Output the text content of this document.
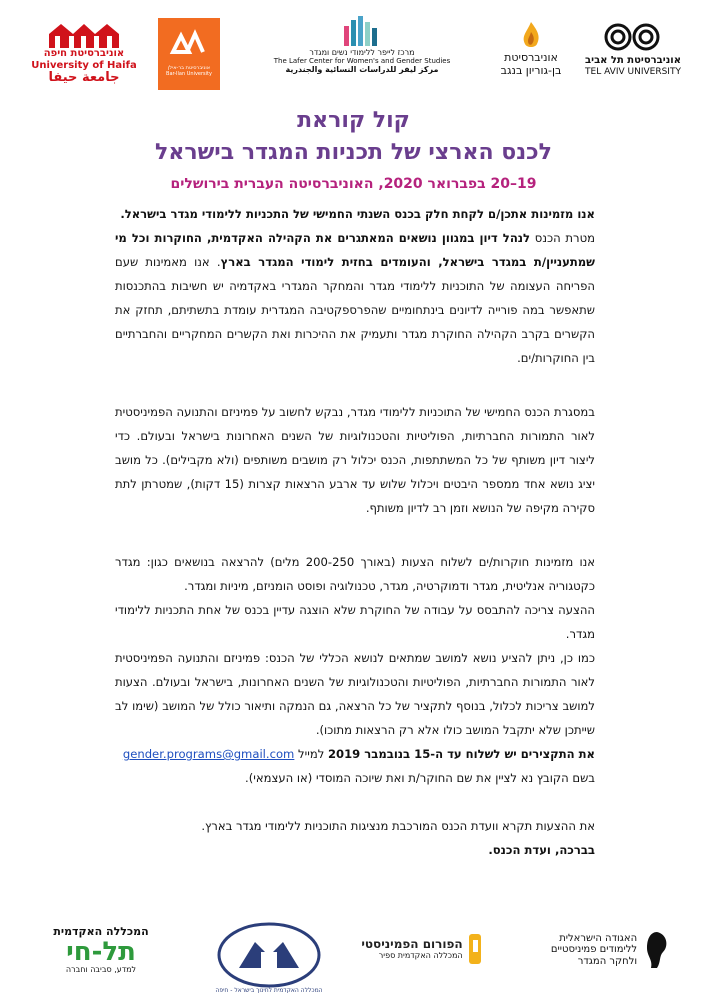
אוניברסיטת חיפה
University of Haifa
جامعة حيفا
אוניברסיטת בר-אילן
Bar-Ilan University
מרכז לייפר ללימודי נשים ומגדר
The Lafer Center for Women's and Gender Studies
مركز ليفر للدراسات النسائية والجندرية
אוניברסיטת
בן-גוריון בנגב
אוניברסיטת תל אביב
TEL AVIV UNIVERSITY
קול קוראת
לכנס הארצי של תכניות המגדר בישראל
19–20 בפברואר 2020, האוניברסיטה העברית בירושלים

אנו מזמינות אתכן/ם לקחת חלק בכנס השנתי החמישי של התכניות ללימודי מגדר בישראל.

מטרת הכנס לנהל דיון במגוון נושאים המאתגרים את הקהילה האקדמית, החוקרות וכל מי שמתעניין/ת במגדר בישראל, והעומדים בחזית לימודי המגדר בארץ. אנו מאמינות שעם הפריחה העצומה של התוכניות ללימודי מגדר והמחקר המגדרי באקדמיה יש חשיבות בהתכנסות שתאפשר במה פורייה לדיונים בינתחומיים שהפרספקטיבה המגדרית עומדת בתשתיתם, תחזק את הקשרים בקרב הקהילה החוקרת מגדר ותעמיק את ההיכרות ואת הקשרים המחקריים והחברתיים בין החוקרות/ים.

במסגרת הכנס החמישי של התוכניות ללימודי מגדר, נבקש לחשוב על פמיניזם והתנועה הפמיניסטית לאור התמורות החברתיות, הפוליטיות והטכנולוגיות של השנים האחרונות בישראל ובעולם. כדי ליצור דיון משותף של כל המשתתפות, הכנס יכלול רק מושבים משותפים (ולא מקבילים). כל מושב יציג נושא אחד ממספר היבטים ויכלול שלוש עד ארבע הרצאות קצרות (15 דקות), שמטרתן לתת סקירה מקיפה של הנושא וזמן רב לדיון משותף.

אנו מזמינות חוקרות/ים לשלוח הצעות (באורך 200-250 מלים) להרצאה בנושאים כגון: מגדר כקטגוריה אנליטית, מגדר ודמוקרטיה, מגדר, טכנולוגיה ופוסט הומניזם, מיניות ומגדר.

ההצעה צריכה להתבסס על עבודה של החוקרת שלא הוצגה עדיין בכנס של אחת התכניות ללימודי מגדר.

כמו כן, ניתן להציע נושא למושב שמתאים לנושא הכללי של הכנס: פמיניזם והתנועה הפמיניסטית לאור התמורות החברתיות, הפוליטיות והטכנולוגיות של השנים האחרונות, בישראל ובעולם. הצעות למושב צריכות לכלול, בנוסף לתקציר של כל הרצאה, גם הנמקה ותיאור כולל של המושב (שימו לב שייתכן שלא יתקבל המושב כולו אלא רק הרצאות מתוכו).

את התקצירים יש לשלוח עד ה-15 בנובמבר 2019 למייל gender.programs@gmail.com

בשם הקובץ נא לציין את שם החוקר/ת ואת שיוכה המוסדי (או העצמאי).

את ההצעות תקרא וועדת הכנס המורכבת מנציגות התוכניות ללימודי מגדר בארץ.

בברכה, ועדת הכנס.

המכללה האקדמית
תל-חי
למדע, סביבה וחברה
המכללה האקדמית לחינוך בישראל - חיפה
הפורום הפמיניסטי
המכללה האקדמית ספיר
האגודה הישראלית
ללימודים פמיניסטיים
ולחקר המגדר
